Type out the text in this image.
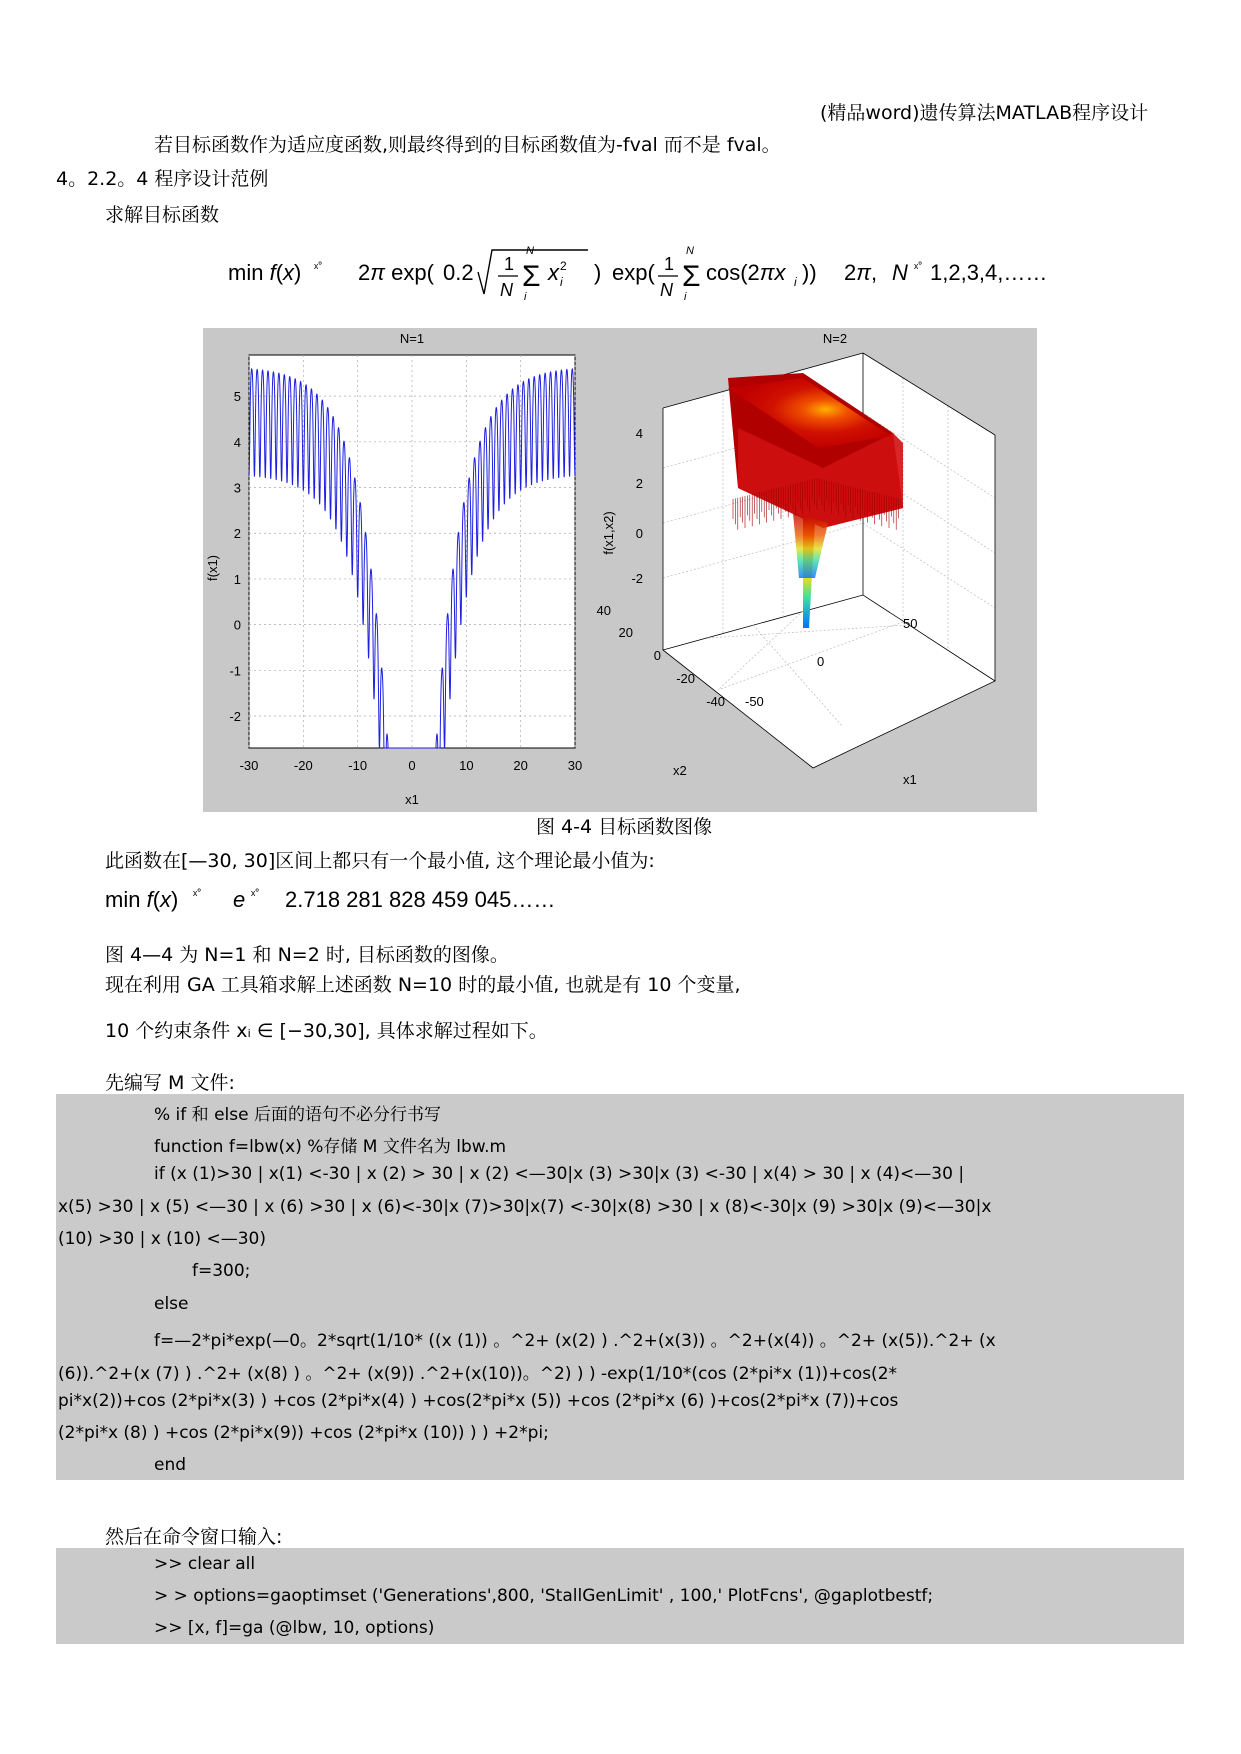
(精品word)遗传算法MATLAB程序设计
若目标函数作为适应度函数,则最终得到的目标函数值为-fval 而不是 fval。
4。2.2。4 程序设计范例
求解目标函数
min f(x) ˣ˚ 2π exp( 0.2 1
N Σ
N
i
x i
2 ) exp( 1
N Σ
N
i
cos(2πx i )) 2π, N ˣ˚ 1,2,3,4,……
N=1
x1
f(x1)
-30	-20	-10	0	10	20	30
5
4
3
2
1
0
-1
-2
N=2
f(x1,x2)
x2
x1
4
2
0
-2
40
20
0
-20
-40 -50
0
50
图 4-4 目标函数图像
此函数在[—30, 30]区间上都只有一个最小值, 这个理论最小值为:
min f(x) ˣ˚ e ˣ˚ 2.718 281 828 459 045……
图 4—4 为 N=1 和 N=2 时, 目标函数的图像。
现在利用 GA 工具箱求解上述函数 N=10 时的最小值, 也就是有 10 个变量,
10 个约束条件 xᵢ ∈ [−30,30], 具体求解过程如下。
先编写 M 文件:
% if 和 else 后面的语句不必分行书写
function f=lbw(x) %存储 M 文件名为 lbw.m
if (x (1)>30 | x(1) <-30 | x (2) > 30 | x (2) <—30|x (3) >30|x (3) <-30 | x(4) > 30 | x (4)<—30 |
x(5) >30 | x (5) <—30 | x (6) >30 | x (6)<-30|x (7)>30|x(7) <-30|x(8) >30 | x (8)<-30|x (9) >30|x (9)<—30|x
(10) >30 | x (10) <—30)
f=300;
else
f=—2*pi*exp(—0。2*sqrt(1/10* ((x (1)) 。^2+ (x(2) ) .^2+(x(3)) 。^2+(x(4)) 。^2+ (x(5)).^2+ (x
(6)).^2+(x (7) ) .^2+ (x(8) ) 。^2+ (x(9)) .^2+(x(10))。^2) ) ) -exp(1/10*(cos (2*pi*x (1))+cos(2*
pi*x(2))+cos (2*pi*x(3) ) +cos (2*pi*x(4) ) +cos(2*pi*x (5)) +cos (2*pi*x (6) )+cos(2*pi*x (7))+cos
(2*pi*x (8) ) +cos (2*pi*x(9)) +cos (2*pi*x (10)) ) ) +2*pi;
end
然后在命令窗口输入:
>> clear all
> > options=gaoptimset ('Generations',800, 'StallGenLimit' , 100,' PlotFcns', @gaplotbestf;
>> [x, f]=ga (@lbw, 10, options)
